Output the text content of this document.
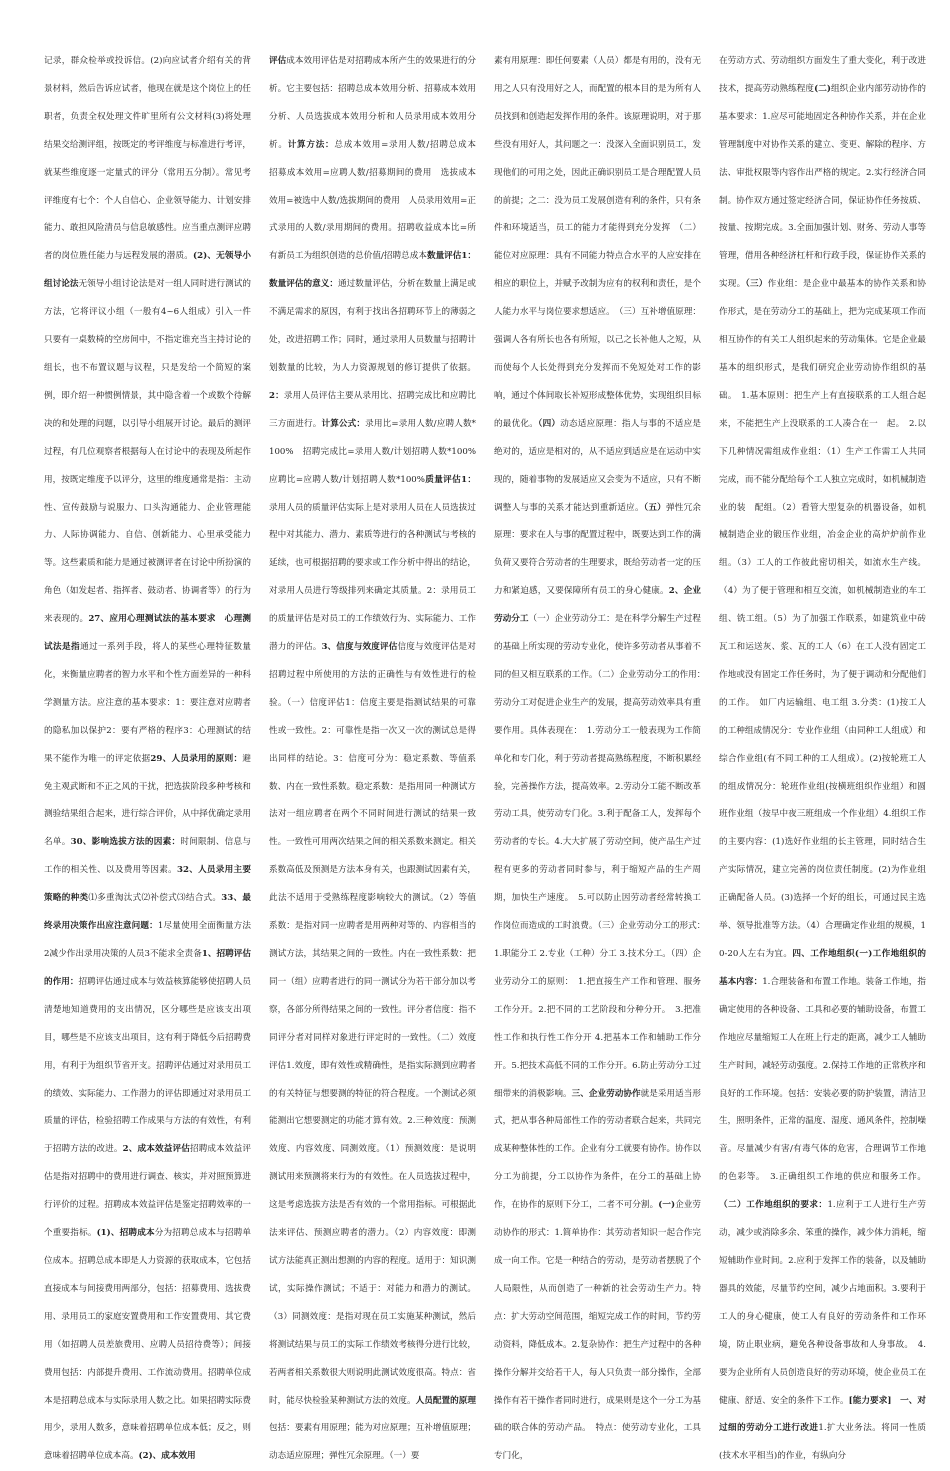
记录，群众检举或投诉信。(2)向应试者介绍有关的背景材料，然后告诉应试者，他现在就是这个岗位上的任职者，负责全权处理文件旷里所有公文材料(3)将处理结果交给测评组，按既定的考评维度与标准进行考评，就某些维度逐一定量式的评分（常用五分制）。常见考评维度有七个：个人自信心、企业领导能力、计划安排能力、敢担风险清员与信息敏感性。应当重点测评应聘者的岗位胜任能力与远程发展的潜质。(2)、无领导小组讨论法无领导小组讨论法是对一组人同时进行测试的方法，它将评议小组（一般有4~6人组成）引入一件只要有一桌数椅的空房间中，不指定谁充当主持讨论的组长，也不布置议题与议程，只是发给一个简短的案例，即介绍一种惯例情景，其中隐含着一个或数个待解决的和处理的问题，以引导小组展开讨论。最后的测评过程，有几位观察者根据每人在讨论中的表现及所起作用，按既定维度予以评分，这里的维度通常是指：主动性、宣传鼓励与说服力、口头沟通能力、企业管理能力、人际协调能力、自信、创新能力、心里承受能力等。这些素质和能力是通过被测评者在讨论中所扮演的角色（如发起者、指挥者、鼓动者、协调者等）的行为来表现的。27、应用心理测试法的基本要求　心理测试法是指通过一系列手段，将人的某些心理特征数量化，来衡量应聘者的智力水平和个性方面差异的一种科学测量方法。应注意的基本要求：1：要注意对应聘者的隐私加以保护2：要有严格的程序3：心理测试的结果不能作为唯一的评定依据29、人员录用的原则：避免主观武断和不正之风的干扰，把选拔阶段多种考核和测验结果组合起来，进行综合评价，从中择优确定录用名单。30、影响选拔方法的因素：时间限制、信息与工作的相关性、以及费用等因素。32、人员录用主要策略的种类⑴多重淘汰式⑵补偿式⑶结合式。33、最终录用决策作出应注意问题：1尽量使用全面衡量方法2减少作出录用决策的人员3不能求全责备1、招聘评估的作用：招聘评估通过成本与效益核算能够使招聘人员清楚地知道费用的支出情况，区分哪些是应该支出项目，哪些是不应该支出项目，这有利于降低今后招聘费用，有利于为组织节省开支。招聘评估通过对录用员工的绩效、实际能力、工作潜力的评估即通过对录用员工质量的评估，检验招聘工作成果与方法的有效性，有利于招聘方法的改进。2、成本效益评估招聘成本效益评估是指对招聘中的费用进行调查、核实，并对照预算进行评价的过程。招聘成本效益评估是鉴定招聘效率的一个重要指标。(1)、招聘成本分为招聘总成本与招聘单位成本。招聘总成本即是人力资源的获取成本，它包括直接成本与间接费用两部分，包括：招募费用、选拔费用、录用员工的家庭安置费用和工作安置费用、其它费用（如招聘人员差旅费用、应聘人员招待费等）；间接费用包括：内部提升费用、工作流动费用。招聘单位成本是招聘总成本与实际录用人数之比。如果招聘实际费用少，录用人数多，意味着招聘单位成本低；反之，则意味着招聘单位成本高。(2)、成本效用
评估成本效用评估是对招聘成本所产生的效果进行的分析。它主要包括：招聘总成本效用分析、招募成本效用分析、人员选拔成本效用分析和人员录用成本效用分析。计算方法：总成本效用=录用人数/招聘总成本　招募成本效用=应聘人数/招募期间的费用　选拔成本效用=被选中人数/选拔期间的费用　人员录用效用=正式录用的人数/录用期间的费用。招聘收益成本比=所有新员工为组织创造的总价值/招聘总成本数量评估1：数量评估的意义：通过数量评估，分析在数量上满足或不满足需求的原因，有利于找出各招聘环节上的薄弱之处，改进招聘工作；同时，通过录用人员数量与招聘计划数量的比较，为人力资源规划的修订提供了依据。2：录用人员评估主要从录用比、招聘完成比和应聘比三方面进行。计算公式：录用比=录用人数/应聘人数*100%　招聘完成比=录用人数/计划招聘人数*100%　应聘比=应聘人数/计划招聘人数*100%质量评估1：录用人员的质量评估实际上是对录用人员在人员选拔过程中对其能力、潜力、素质等进行的各种测试与考核的延续，也可根据招聘的要求或工作分析中得出的结论，对录用人员进行等级排列来确定其质量。2：录用员工的质量评估是对员工的工作绩效行为、实际能力、工作潜力的评估。3、信度与效度评估信度与效度评估是对招聘过程中所使用的方法的正确性与有效性进行的检验。（一）信度评估1：信度主要是指测试结果的可靠性或一致性。2：可靠性是指一次又一次的测试总是得出同样的结论。3：信度可分为：稳定系数、等值系数、内在一致性系数。稳定系数：是指用同一种测试方法对一组应聘者在两个不同时间进行测试的结果一致性。一致性可用两次结果之间的相关系数来测定。相关系数高低及预测是方法本身有关，也跟测试因素有关，此法不适用于受熟练程度影响较大的测试。（2）等值系数：是指对同一应聘者是用两种对等的、内容相当的测试方法，其结果之间的一致性。内在一致性系数：把同一（组）应聘者进行的同一测试分为若干部分加以考察，各部分所得结果之间的一致性。评分者信度：指不同评分者对同样对象进行评定时的一致性。（二）效度评估1.效度，即有效性或精确性，是指实际测到应聘者的有关特征与想要测的特征的符合程度。一个测试必须能测出它想要测定的功能才算有效。2.三种效度：预测效度、内容效度、同测效度。（1）预测效度：是说明测试用来预测将来行为的有效性。在人员选拔过程中，这是考虑选拔方法是否有效的一个常用指标。可根据此法来评估、预测应聘者的潜力。（2）内容效度：即测试方法能真正测出想测的内容的程度。适用于：知识测试，实际操作测试；不适于：对能力和潜力的测试。（3）同测效度：是指对现在员工实施某种测试，然后将测试结果与员工的实际工作绩效考核得分进行比较，若两者相关系数很大则说明此测试效度很高。特点：省时，能尽快检验某种测试方法的效度。人员配置的原理包括：要素有用原理；能为对应原理；互补增值原理；动态适应原理；弹性冗余原理。（一）要
素有用原理：即任何要素（人员）都是有用的，没有无用之人只有没用好之人，而配置的根本目的是为所有人员找到和创造起发挥作用的条件。该原理说明，对于那些没有用好人，其问题之一：没深入全面识别员工，发现他们的可用之处，因此正确识别员工是合理配置人员的前提；之二：没为员工发展创造有利的条件，只有条件和环境适当，员工的能力才能得到充分发挥　（二）能位对应原理：具有不同能力特点合水平的人应安排在相应的职位上，并赋予改制为应有的权利和责任，是个人能力水平与岗位要求想适应。　（三）互补增值原理：强调人各有所长也各有所短，以己之长补他人之短，从而使每个人长处得到充分发挥而不免短处对工作的影响，通过个体间取长补短形成整体优势，实现组织目标的最优化。（四）动态适应原理：指人与事的不适应是绝对的，适应是相对的，从不适应到适应是在运动中实现的，随着事物的发展适应又会变为不适应，只有不断调整人与事的关系才能达到重新适应。（五）弹性冗余原理：要求在人与事的配置过程中，既要达到工作的满负荷又要符合劳动者的生理要求，既给劳动者一定的压力和紧迫感，又要保障所有员工的身心健康。2、企业劳动分工（一）企业劳动分工：是在科学分解生产过程的基础上所实现的劳动专业化，使许多劳动者从事着不同的但又相互联系的工作。（二）企业劳动分工的作用：　劳动分工对促进企业生产的发展，提高劳动效率具有重要作用。具体表现在：　1.劳动分工一般表现为工作简单化和专门化，利于劳动者提高熟练程度，不断积累经验，完善操作方法，提高效率。2.劳动分工能不断改革劳动工具，使劳动专门化。3.利于配备工人，发挥每个劳动者的专长。4.大大扩展了劳动空间，使产品生产过程有更多的劳动者同时参与，利于缩短产品的生产周期，加快生产速度。　5.可以防止因劳动者经常转换工作岗位而造成的工时浪费。（三）企业劳动分工的形式：　1.职能分工 2.专业（工种）分工 3.技术分工。（四）企业劳动分工的原则：　1.把直接生产工作和管理、服务工作分开。2.把不同的工艺阶段和分种分开。　3.把准性工作和执行性工作分开 4.把基本工作和辅助工作分开。5.把技术高低不同的工作分开。6.防止劳动分工过细带来的消极影响。三、企业劳动协作就是采用适当形式，把从事各种局部性工作的劳动者联合起来，共同完成某种整体性的工作。企业有分工就要有协作。协作以分工为前提，分工以协作为条件，在分工的基础上协作，在协作的原则下分工，二者不可分割。(一)企业劳动协作的形式：1.简单协作：其劳动者知识一起合作完成一向工作。它是一种结合的劳动，是劳动者摆脱了个人局限性，从而创造了一种新的社会劳动生产力。特点：扩大劳动空间范围，缩短完成工作的时间，节约劳动资料，降低成本。2.复杂协作：把生产过程中的各种操作分解并交给若干人，每人只负责一部分操作，全部操作有若干操作者同时进行，成果则是这个一分工为基础的联合体的劳动产品。　特点：使劳动专业化，工具专门化，
在劳动方式、劳动组织方面发生了重大变化，利于改进技术，提高劳动熟练程度(二)组织企业内部劳动协作的基本要求：1.应尽可能地固定各种协作关系，并在企业管理制度中对协作关系的建立、变更、解除的程序、方法、审批权限等内容作出严格的规定。2.实行经济合同制。协作双方通过签定经济合同，保证协作任务按质、按量、按期完成。3.全面加强计划、财务、劳动人事等管理，借用各种经济杠杆和行政手段，保证协作关系的实现。（三）作业组：是企业中最基本的协作关系和协作形式，是在劳动分工的基础上，把为完成某项工作而相互协作的有关工人组织起来的劳动集体。它是企业最基本的组织形式，是我们研究企业劳动协作组织的基础。　1.基本原则：把生产上有直接联系的工人组合起来，不能把生产上没联系的工人凑合在一　起。　2.以下几种情况需组成作业组：（1）生产工作需工人共同完成，而不能分配给每个工人独立完成时，如机械制造业的装　配组。（2）看管大型复杂的机器设备，如机械制造企业的锻压作业组，冶金企业的高炉炉前作业组。（3）工人的工作彼此密切相关，如流水生产线。（4）为了便于管理和相互交流，如机械制造业的车工组、铣工组。（5）为了加强工作联系，如建筑业中砖瓦工和运送灰、浆、瓦的工人（6）在工人没有固定工作地或没有固定工作任务时，为了便于调动和分配他们的工作。　如厂内运输组、电工组 3.分类：(1)按工人的工种组成情况分：专业作业组（由同种工人组成）和综合作业组(有不同工种的工人组成）。(2)按轮班工人的组成情况分：轮班作业组(按横班组织作业组）和圆班作业组（按早中夜三班组成一个作业组）4.组织工作的主要内容：(1)选好作业组的长主管理，同时结合生产实际情况，建立完善的岗位责任制度。(2)为作业组正确配备人员。(3)选择一个好的组长，可通过民主选举、领导批准等方法。（4）合理确定作业组的规模，10-20人左右为宜。四、工作地组织(一)工作地组织的基本内容：1.合理装备和布置工作地。装备工作地，指确定使用的各种设备、工具和必要的辅助设备，布置工作地应尽量缩短工人在班上行走的距离，减少工人辅助生产时间，减轻劳动强度。2.保持工作地的正常秩序和良好的工作环境。包括：安装必要的防护装置，清洁卫生，照明条件，正常的温度、湿度、通风条件，控制噪音。尽量减少有害/有毒气体的危害，合理调节工作地的色彩等。　3.正确组织工作地的供应和服务工作。（二）工作地组织的要求：1.应利于工人进行生产劳动，减少或消除多余、笨重的操作，减少体力消耗，缩短辅助作业时间。2.应利于发挥工作的装备，以及辅助器具的效能，尽量节约空间，减少占地面积。3.要利于工人的身心健康，使工人有良好的劳动条件和工作环境，防止职业病，避免各种设备事故和人身事故。　4.要为企业所有人员创造良好的劳动环境，使企业员工在健康、舒适、安全的条件下工作。[能力要求]　一、对过细的劳动分工进行改进1.扩大业务法。将同一性质(技术水平相当)的作业，有纵向分
